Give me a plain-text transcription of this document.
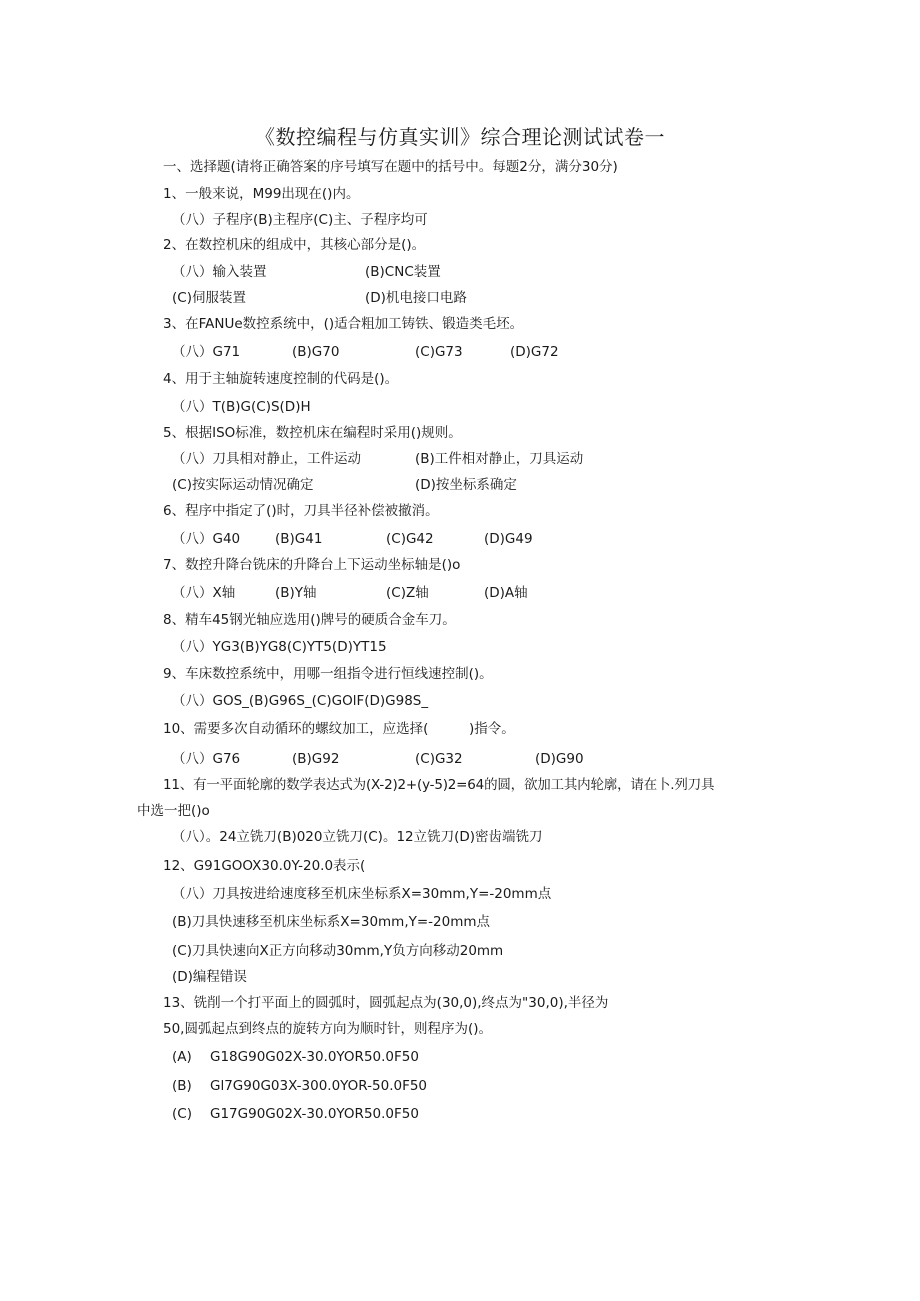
《数控编程与仿真实训》综合理论测试试卷一
一、选择题(请将正确答案的序号填写在题中的括号中。每题2分，满分30分)
1、一般来说，M99出现在()内。
（八）子程序(B)主程序(C)主、子程序均可
2、在数控机床的组成中，其核心部分是()。
（八）输入装置	(B)CNC装置
(C)伺服装置	(D)机电接口电路
3、在FANUe数控系统中，()适合粗加工铸铁、锻造类毛坯。
（八）G71	(B)G70	(C)G73	(D)G72
4、用于主轴旋转速度控制的代码是()。
（八）T(B)G(C)S(D)H
5、根据ISO标准，数控机床在编程时采用()规则。
（八）刀具相对静止，工件运动	(B)工件相对静止，刀具运动
(C)按实际运动情况确定	(D)按坐标系确定
6、程序中指定了()时，刀具半径补偿被撤消。
（八）G40	(B)G41	(C)G42	(D)G49
7、数控升降台铣床的升降台上下运动坐标轴是()o
（八）X轴	(B)Y轴	(C)Z轴	(D)A轴
8、精车45钢光轴应选用()牌号的硬质合金车刀。
（八）YG3(B)YG8(C)YT5(D)YT15
9、车床数控系统中，用哪一组指令进行恒线速控制()。
（八）GOS_(B)G96S_(C)GOlF(D)G98S_
10、需要多次自动循环的螺纹加工，应选择(　　　)指令。
（八）G76	(B)G92	(C)G32	(D)G90
11、有一平面轮廓的数学表达式为(X-2)2+(y-5)2=64的圆，欲加工其内轮廓，请在卜.列刀具
中选一把()o
（八）。24立铣刀(B)020立铣刀(C)。12立铣刀(D)密齿端铣刀
12、G91GOOX30.0Y-20.0表示(
（八）刀具按进给速度移至机床坐标系X=30mm,Y=-20mm点
(B)刀具快速移至机床坐标系X=30mm,Y=-20mm点
(C)刀具快速向X正方向移动30mm,Y负方向移动20mm
(D)编程错误
13、铣削一个打平面上的圆弧时，圆弧起点为(30,0),终点为"30,0),半径为
50,圆弧起点到终点的旋转方向为顺时针，则程序为()。
(A) G18G90G02X-30.0YOR50.0F50
(B) Gl7G90G03X-300.0YOR-50.0F50
(C) G17G90G02X-30.0YOR50.0F50
